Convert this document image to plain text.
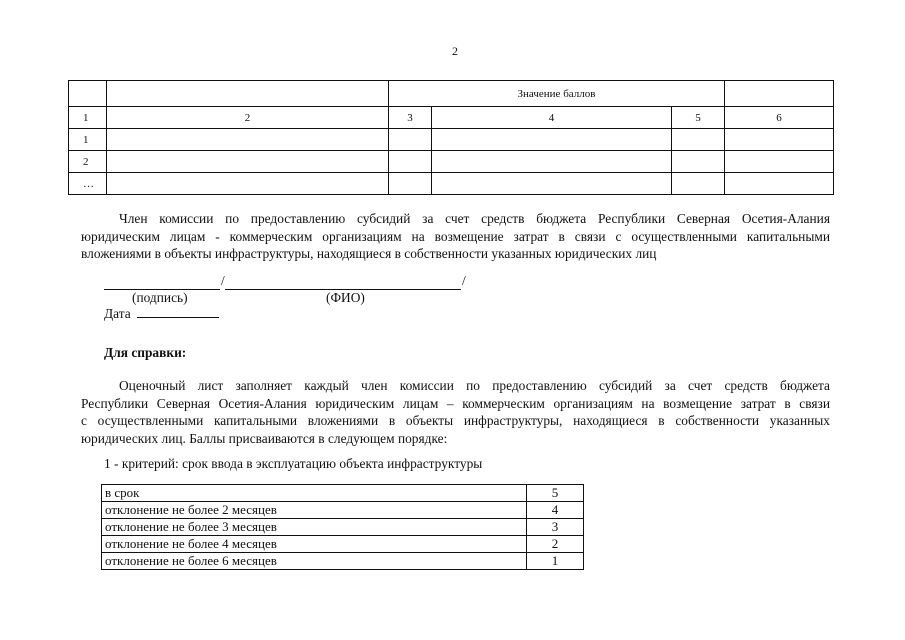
2
		Значение баллов			
1	2	3	4	5	6
1					
2					
…					
Член комиссии по предоставлению субсидий за счет средств бюджета Республики Северная Осетия-Алания
юридическим лицам - коммерческим организациям на возмещение затрат в связи с осуществленными капитальными
вложениями в объекты инфраструктуры, находящиеся в собственности указанных юридических лиц
/	/
(подпись)	(ФИО)
Дата
Для справки:
Оценочный лист заполняет каждый член комиссии по предоставлению субсидий за счет средств бюджета
Республики Северная Осетия-Алания юридическим лицам – коммерческим организациям на возмещение затрат в связи
с осуществленными капитальными вложениями в объекты инфраструктуры, находящиеся в собственности указанных
юридических лиц. Баллы присваиваются в следующем порядке:
1 - критерий: срок ввода в эксплуатацию объекта инфраструктуры
в срок	5
отклонение не более 2 месяцев	4
отклонение не более 3 месяцев	3
отклонение не более 4 месяцев	2
отклонение не более 6 месяцев	1
